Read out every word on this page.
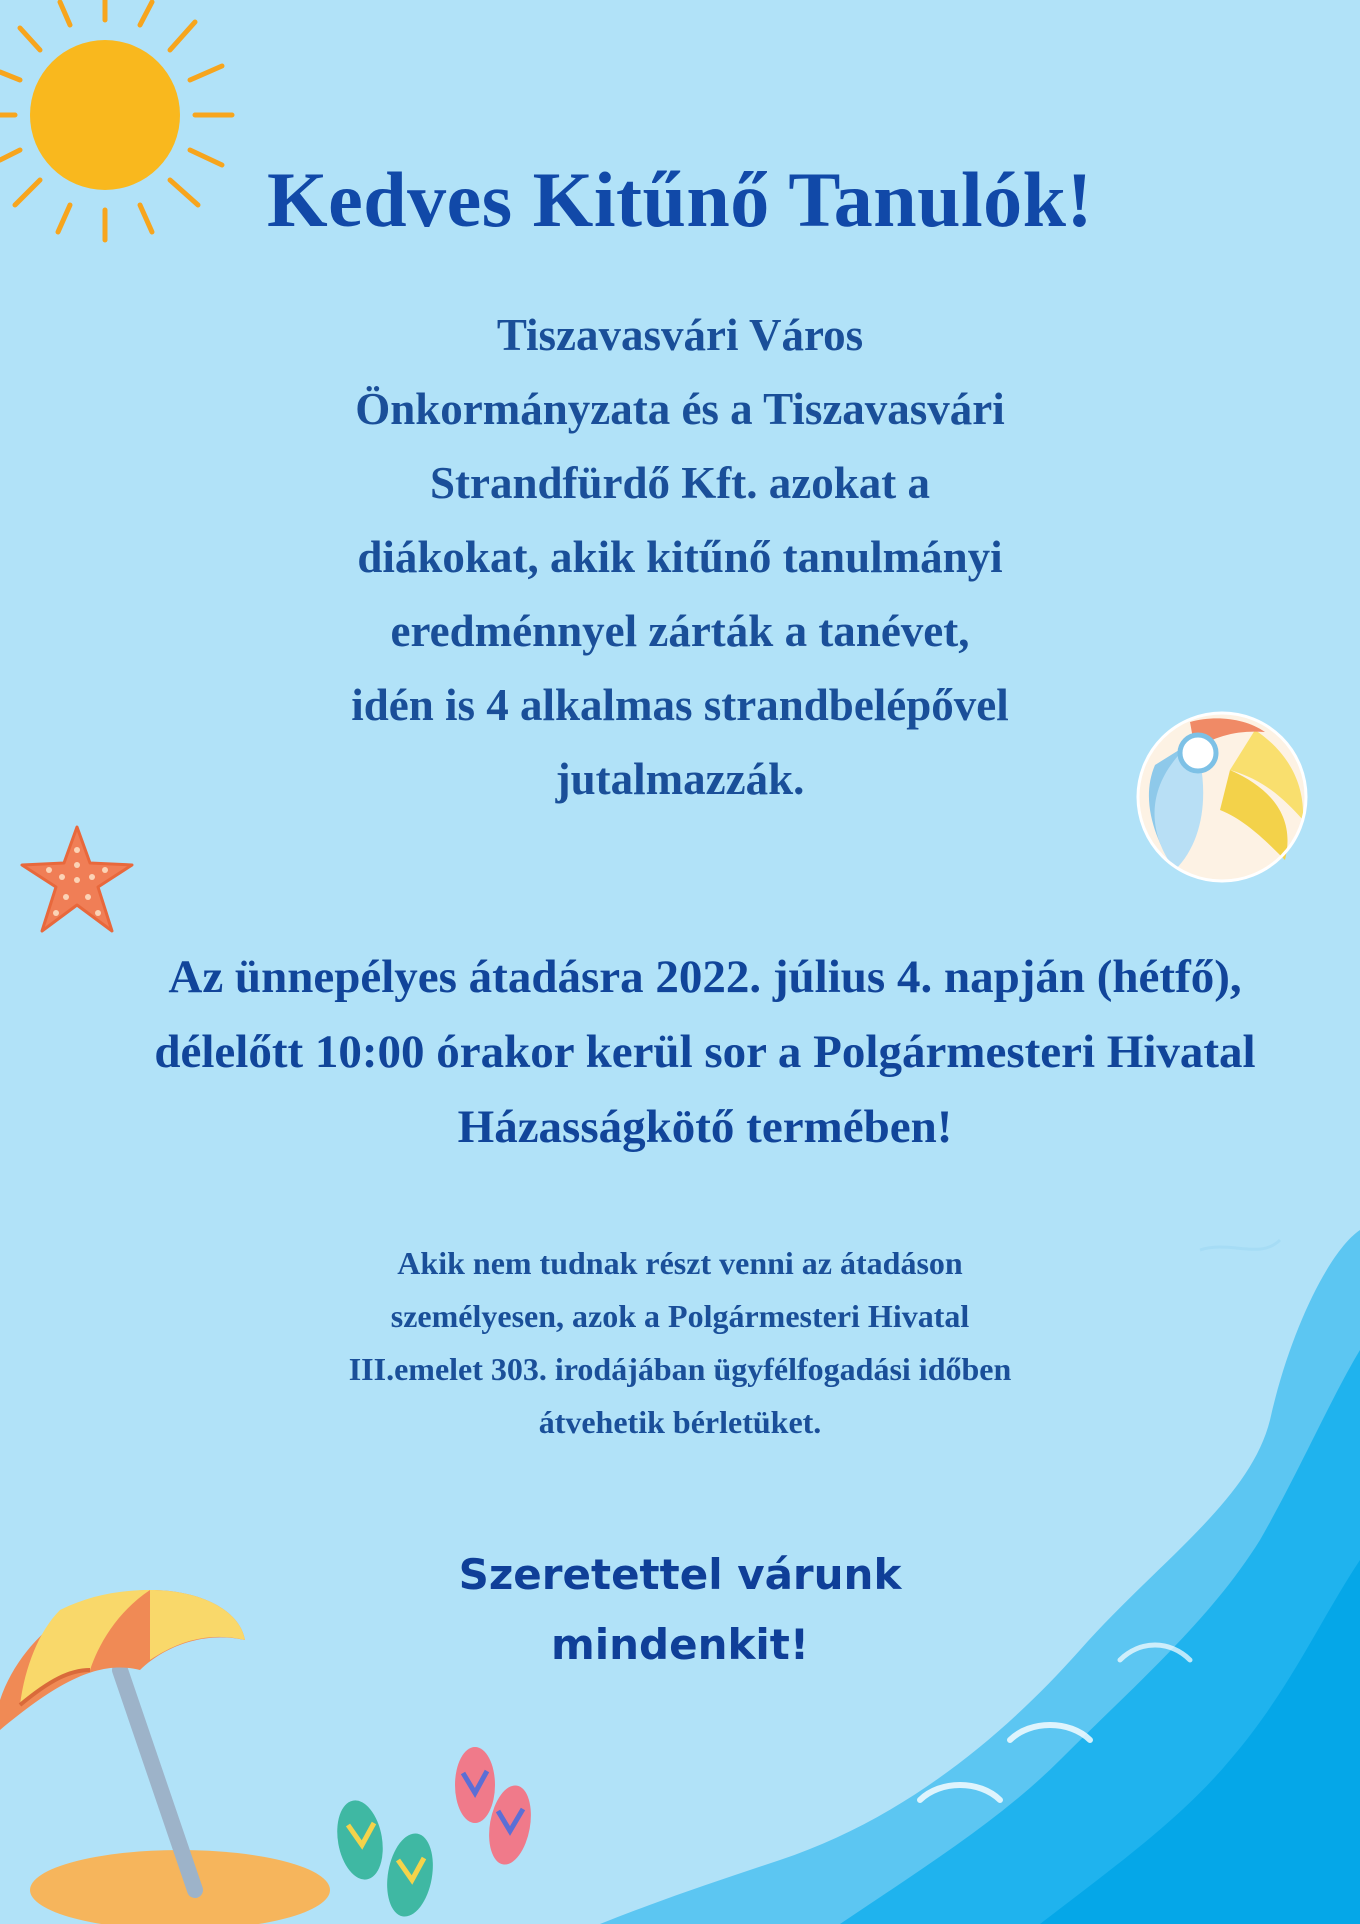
Kedves Kitűnő Tanulók!
Tiszavasvári Város
Önkormányzata és a Tiszavasvári
Strandfürdő Kft. azokat a
diákokat, akik kitűnő tanulmányi
eredménnyel zárták a tanévet,
idén is 4 alkalmas strandbelépővel
jutalmazzák.
Az ünnepélyes átadásra 2022. július 4. napján (hétfő),
délelőtt 10:00 órakor kerül sor a Polgármesteri Hivatal
Házasságkötő termében!
Akik nem tudnak részt venni az átadáson
személyesen, azok a Polgármesteri Hivatal
III.emelet 303. irodájában ügyfélfogadási időben
átvehetik bérletüket.
Szeretettel várunk
mindenkit!
